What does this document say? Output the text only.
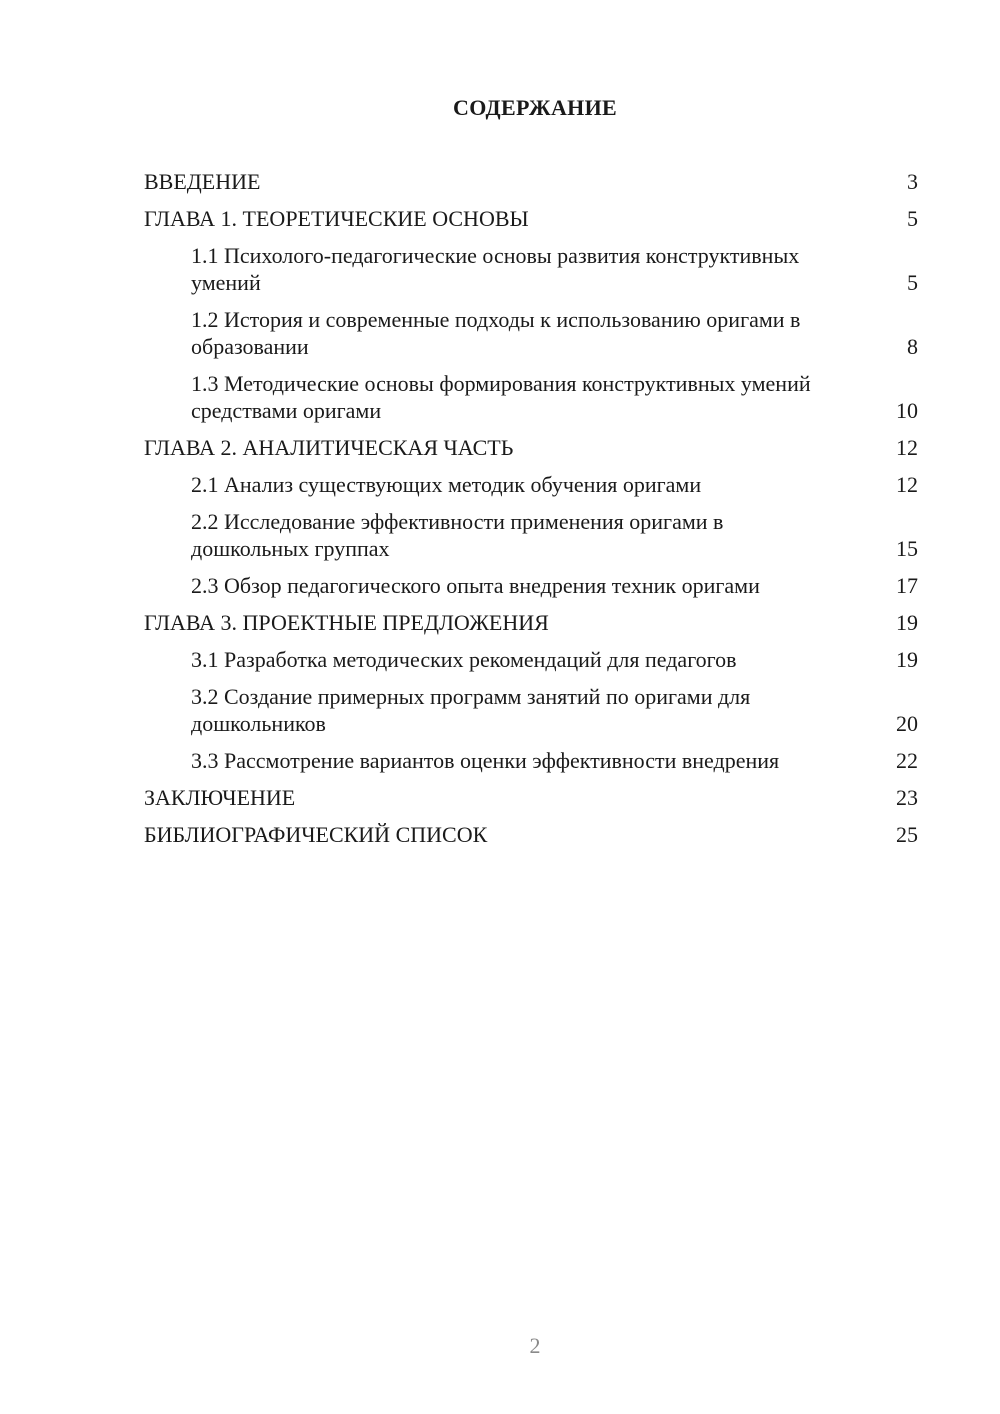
СОДЕРЖАНИЕ
ВВЕДЕНИЕ	3
ГЛАВА 1. ТЕОРЕТИЧЕСКИЕ ОСНОВЫ	5
1.1 Психолого-педагогические основы развития конструктивных умений	5
1.2 История и современные подходы к использованию оригами в образовании	8
1.3 Методические основы формирования конструктивных умений средствами оригами	10
ГЛАВА 2. АНАЛИТИЧЕСКАЯ ЧАСТЬ	12
2.1 Анализ существующих методик обучения оригами	12
2.2 Исследование эффективности применения оригами в дошкольных группах	15
2.3 Обзор педагогического опыта внедрения техник оригами	17
ГЛАВА 3. ПРОЕКТНЫЕ ПРЕДЛОЖЕНИЯ	19
3.1 Разработка методических рекомендаций для педагогов	19
3.2 Создание примерных программ занятий по оригами для дошкольников	20
3.3 Рассмотрение вариантов оценки эффективности внедрения	22
ЗАКЛЮЧЕНИЕ	23
БИБЛИОГРАФИЧЕСКИЙ СПИСОК	25
2
